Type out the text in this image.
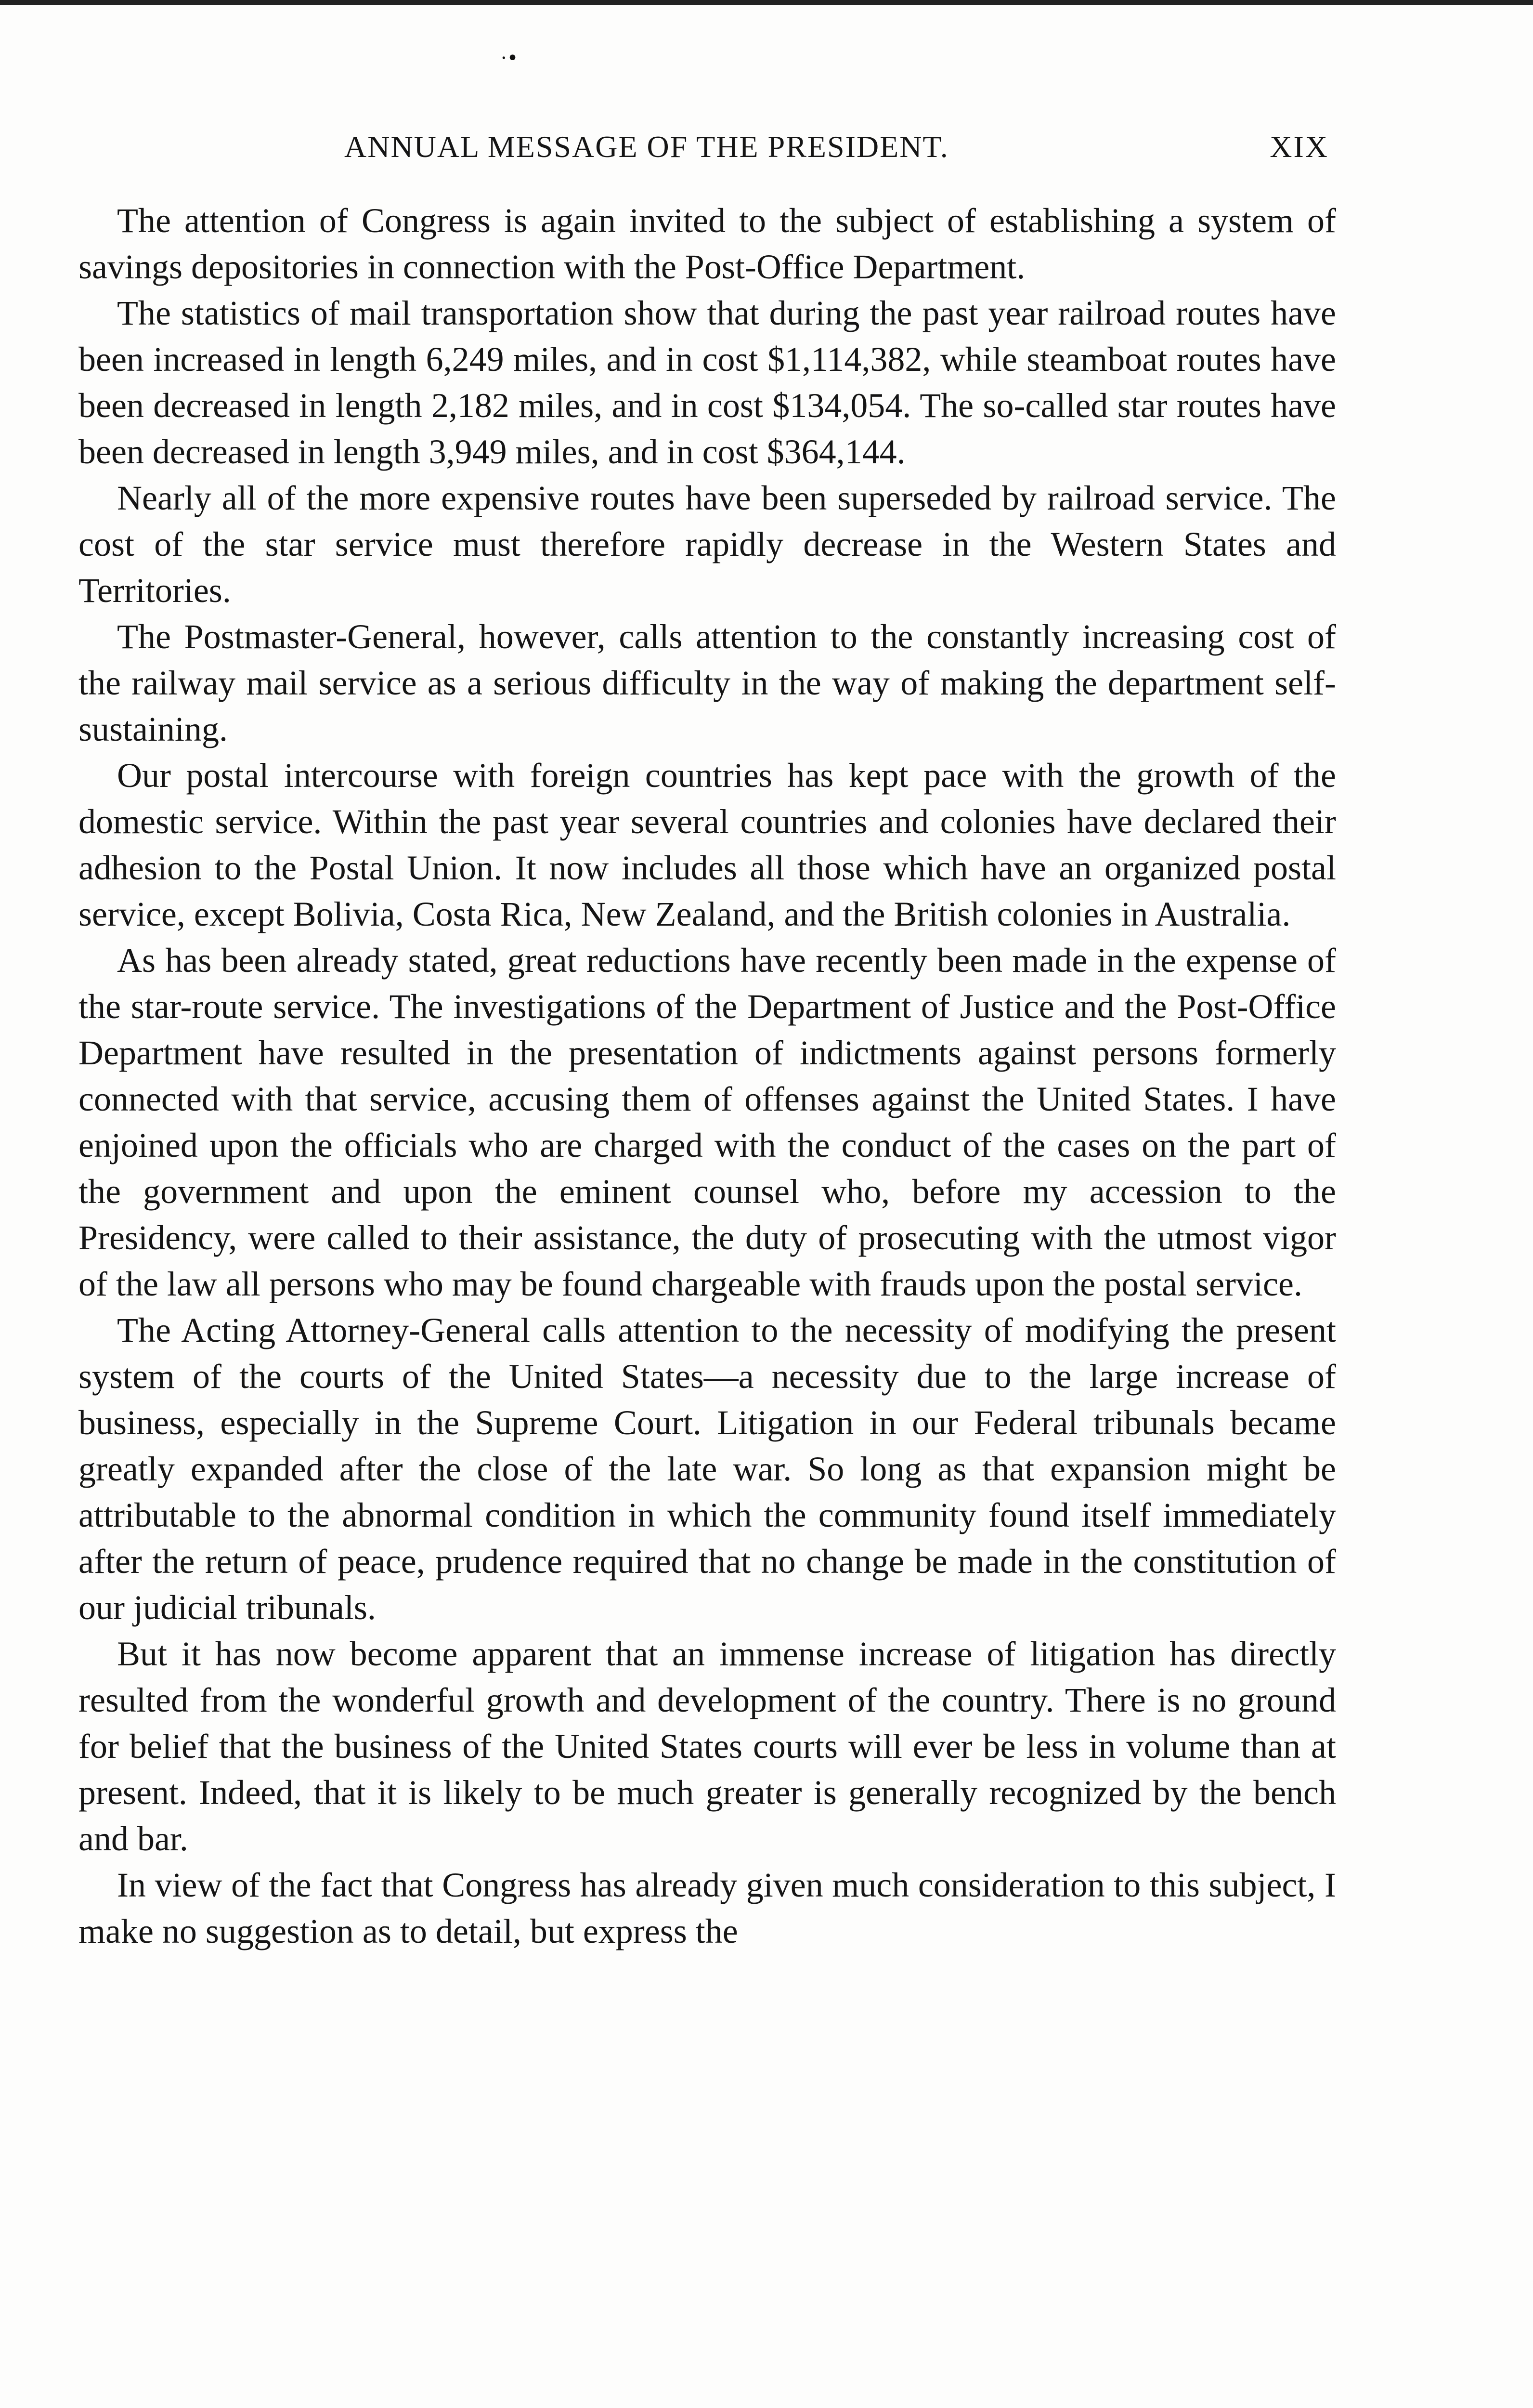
·•
ANNUAL MESSAGE OF THE PRESIDENT.	XIX

The attention of Congress is again invited to the subject of establishing a system of savings depositories in connection with the Post-Office Department.

The statistics of mail transportation show that during the past year railroad routes have been increased in length 6,249 miles, and in cost $1,114,382, while steamboat routes have been decreased in length 2,182 miles, and in cost $134,054. The so-called star routes have been decreased in length 3,949 miles, and in cost $364,144.

Nearly all of the more expensive routes have been superseded by railroad service. The cost of the star service must therefore rapidly decrease in the Western States and Territories.

The Postmaster-General, however, calls attention to the constantly increasing cost of the railway mail service as a serious difficulty in the way of making the department self-sustaining.

Our postal intercourse with foreign countries has kept pace with the growth of the domestic service. Within the past year several countries and colonies have declared their adhesion to the Postal Union. It now includes all those which have an organized postal service, except Bolivia, Costa Rica, New Zealand, and the British colonies in Australia.

As has been already stated, great reductions have recently been made in the expense of the star-route service. The investigations of the Department of Justice and the Post-Office Department have resulted in the presentation of indictments against persons formerly connected with that service, accusing them of offenses against the United States. I have enjoined upon the officials who are charged with the conduct of the cases on the part of the government and upon the eminent counsel who, before my accession to the Presidency, were called to their assistance, the duty of prosecuting with the utmost vigor of the law all persons who may be found chargeable with frauds upon the postal service.

The Acting Attorney-General calls attention to the necessity of modifying the present system of the courts of the United States—a necessity due to the large increase of business, especially in the Supreme Court. Litigation in our Federal tribunals became greatly expanded after the close of the late war. So long as that expansion might be attributable to the abnormal condition in which the community found itself immediately after the return of peace, prudence required that no change be made in the constitution of our judicial tribunals.

But it has now become apparent that an immense increase of litigation has directly resulted from the wonderful growth and development of the country. There is no ground for belief that the business of the United States courts will ever be less in volume than at present. Indeed, that it is likely to be much greater is generally recognized by the bench and bar.

In view of the fact that Congress has already given much consideration to this subject, I make no suggestion as to detail, but express the
